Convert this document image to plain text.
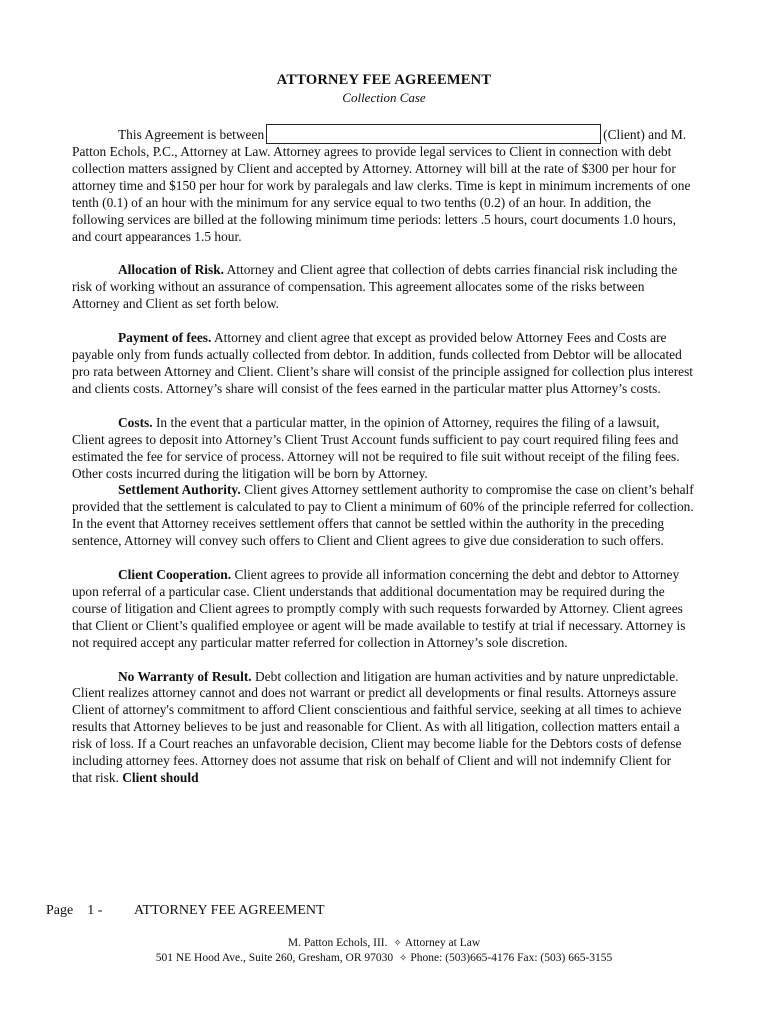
ATTORNEY FEE AGREEMENT
Collection Case

This Agreement is between	(Client) and M. Patton Echols, P.C., Attorney at Law. Attorney agrees to provide legal services to Client in connection with debt collection matters assigned by Client and accepted by Attorney. Attorney will bill at the rate of $300 per hour for attorney time and $150 per hour for work by paralegals and law clerks. Time is kept in minimum increments of one tenth (0.1) of an hour with the minimum for any service equal to two tenths (0.2) of an hour. In addition, the following services are billed at the following minimum time periods: letters .5 hours, court documents 1.0 hours, and court appearances 1.5 hour.

Allocation of Risk. Attorney and Client agree that collection of debts carries financial risk including the risk of working without an assurance of compensation. This agreement allocates some of the risks between Attorney and Client as set forth below.

Payment of fees. Attorney and client agree that except as provided below Attorney Fees and Costs are payable only from funds actually collected from debtor. In addition, funds collected from Debtor will be allocated pro rata between Attorney and Client. Client’s share will consist of the principle assigned for collection plus interest and clients costs. Attorney’s share will consist of the fees earned in the particular matter plus Attorney’s costs.

Costs. In the event that a particular matter, in the opinion of Attorney, requires the filing of a lawsuit, Client agrees to deposit into Attorney’s Client Trust Account funds sufficient to pay court required filing fees and estimated the fee for service of process. Attorney will not be required to file suit without receipt of the filing fees. Other costs incurred during the litigation will be born by Attorney.

Settlement Authority. Client gives Attorney settlement authority to compromise the case on client’s behalf provided that the settlement is calculated to pay to Client a minimum of 60% of the principle referred for collection. In the event that Attorney receives settlement offers that cannot be settled within the authority in the preceding sentence, Attorney will convey such offers to Client and Client agrees to give due consideration to such offers.

Client Cooperation. Client agrees to provide all information concerning the debt and debtor to Attorney upon referral of a particular case. Client understands that additional documentation may be required during the course of litigation and Client agrees to promptly comply with such requests forwarded by Attorney. Client agrees that Client or Client’s qualified employee or agent will be made available to testify at trial if necessary. Attorney is not required accept any particular matter referred for collection in Attorney’s sole discretion.

No Warranty of Result. Debt collection and litigation are human activities and by nature unpredictable. Client realizes attorney cannot and does not warrant or predict all developments or final results. Attorneys assure Client of attorney's commitment to afford Client conscientious and faithful service, seeking at all times to achieve results that Attorney believes to be just and reasonable for Client. As with all litigation, collection matters entail a risk of loss. If a Court reaches an unfavorable decision, Client may become liable for the Debtors costs of defense including attorney fees. Attorney does not assume that risk on behalf of Client and will not indemnify Client for that risk. Client should

Page 1 - ATTORNEY FEE AGREEMENT
M. Patton Echols, III. ✧ Attorney at Law
501 NE Hood Ave., Suite 260, Gresham, OR 97030 ✧ Phone: (503)665-4176 Fax: (503) 665-3155
